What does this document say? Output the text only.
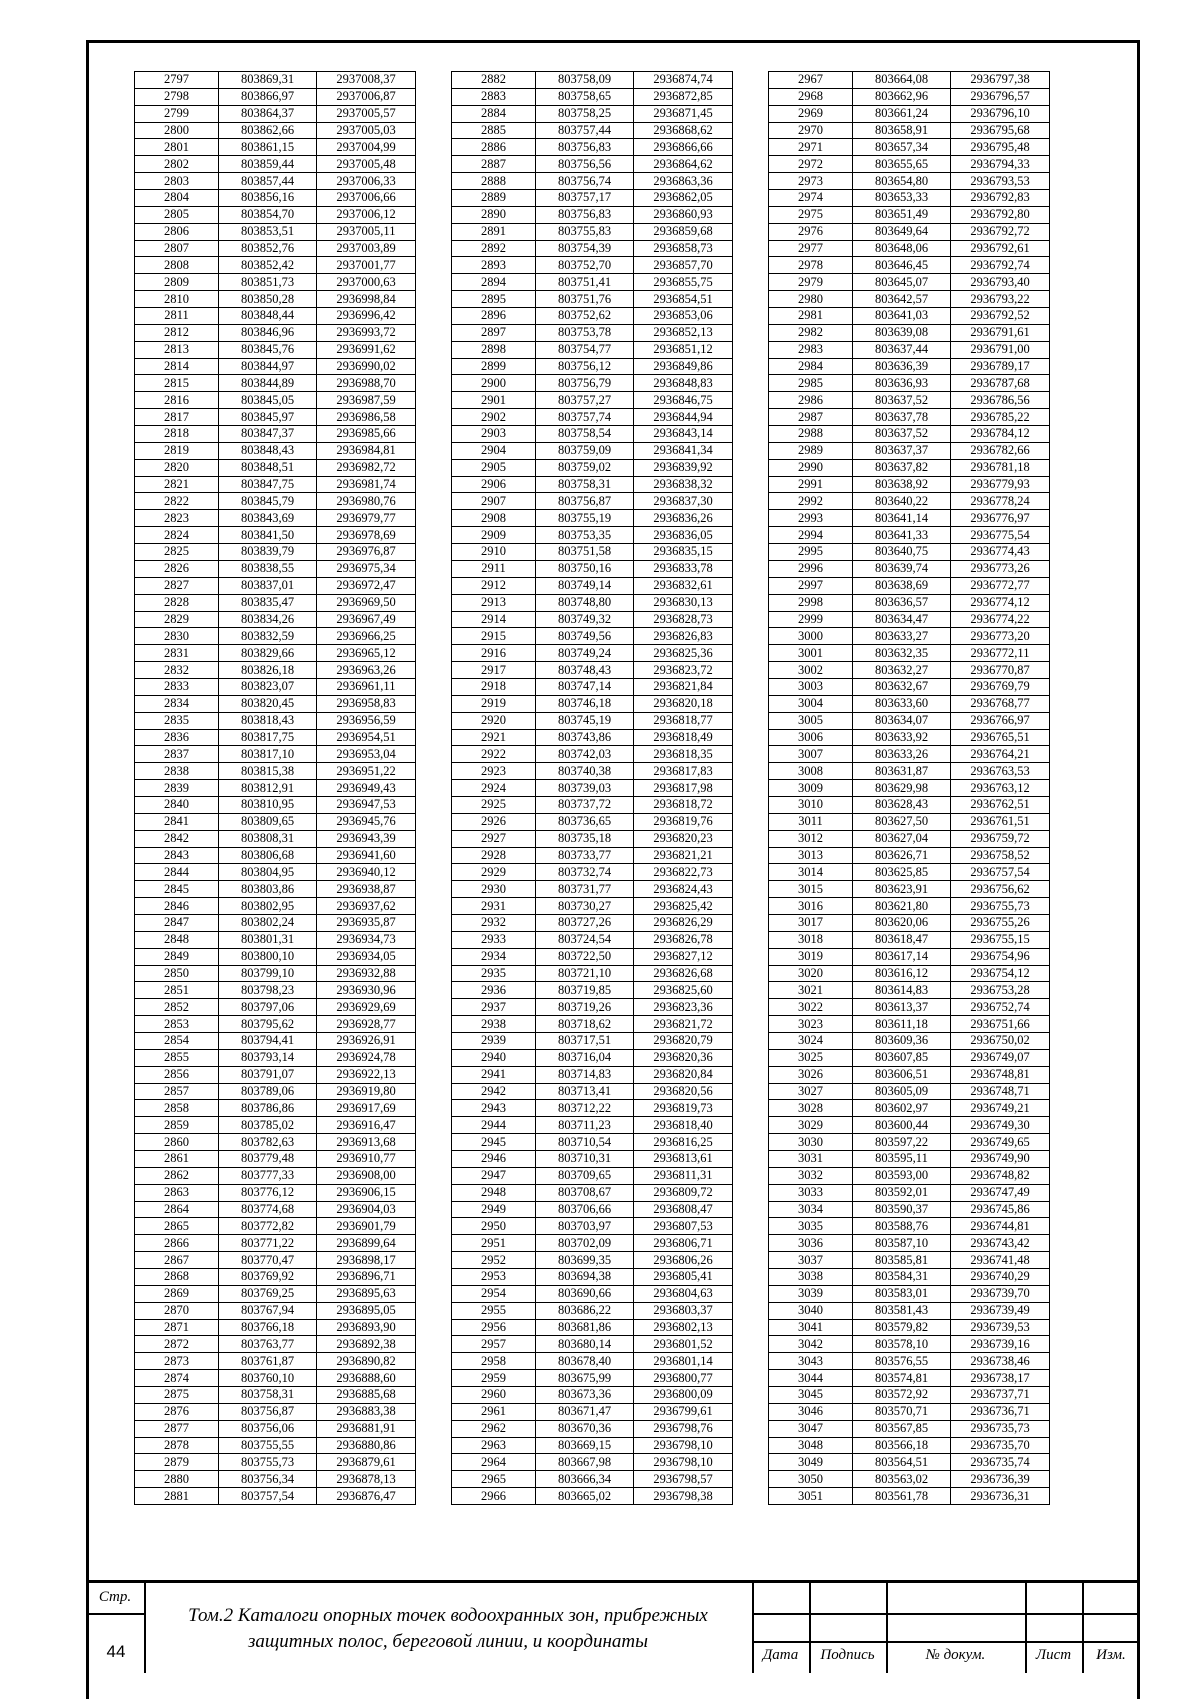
2797	803869,31	2937008,37
2798	803866,97	2937006,87
2799	803864,37	2937005,57
2800	803862,66	2937005,03
2801	803861,15	2937004,99
2802	803859,44	2937005,48
2803	803857,44	2937006,33
2804	803856,16	2937006,66
2805	803854,70	2937006,12
2806	803853,51	2937005,11
2807	803852,76	2937003,89
2808	803852,42	2937001,77
2809	803851,73	2937000,63
2810	803850,28	2936998,84
2811	803848,44	2936996,42
2812	803846,96	2936993,72
2813	803845,76	2936991,62
2814	803844,97	2936990,02
2815	803844,89	2936988,70
2816	803845,05	2936987,59
2817	803845,97	2936986,58
2818	803847,37	2936985,66
2819	803848,43	2936984,81
2820	803848,51	2936982,72
2821	803847,75	2936981,74
2822	803845,79	2936980,76
2823	803843,69	2936979,77
2824	803841,50	2936978,69
2825	803839,79	2936976,87
2826	803838,55	2936975,34
2827	803837,01	2936972,47
2828	803835,47	2936969,50
2829	803834,26	2936967,49
2830	803832,59	2936966,25
2831	803829,66	2936965,12
2832	803826,18	2936963,26
2833	803823,07	2936961,11
2834	803820,45	2936958,83
2835	803818,43	2936956,59
2836	803817,75	2936954,51
2837	803817,10	2936953,04
2838	803815,38	2936951,22
2839	803812,91	2936949,43
2840	803810,95	2936947,53
2841	803809,65	2936945,76
2842	803808,31	2936943,39
2843	803806,68	2936941,60
2844	803804,95	2936940,12
2845	803803,86	2936938,87
2846	803802,95	2936937,62
2847	803802,24	2936935,87
2848	803801,31	2936934,73
2849	803800,10	2936934,05
2850	803799,10	2936932,88
2851	803798,23	2936930,96
2852	803797,06	2936929,69
2853	803795,62	2936928,77
2854	803794,41	2936926,91
2855	803793,14	2936924,78
2856	803791,07	2936922,13
2857	803789,06	2936919,80
2858	803786,86	2936917,69
2859	803785,02	2936916,47
2860	803782,63	2936913,68
2861	803779,48	2936910,77
2862	803777,33	2936908,00
2863	803776,12	2936906,15
2864	803774,68	2936904,03
2865	803772,82	2936901,79
2866	803771,22	2936899,64
2867	803770,47	2936898,17
2868	803769,92	2936896,71
2869	803769,25	2936895,63
2870	803767,94	2936895,05
2871	803766,18	2936893,90
2872	803763,77	2936892,38
2873	803761,87	2936890,82
2874	803760,10	2936888,60
2875	803758,31	2936885,68
2876	803756,87	2936883,38
2877	803756,06	2936881,91
2878	803755,55	2936880,86
2879	803755,73	2936879,61
2880	803756,34	2936878,13
2881	803757,54	2936876,47
2882	803758,09	2936874,74
2883	803758,65	2936872,85
2884	803758,25	2936871,45
2885	803757,44	2936868,62
2886	803756,83	2936866,66
2887	803756,56	2936864,62
2888	803756,74	2936863,36
2889	803757,17	2936862,05
2890	803756,83	2936860,93
2891	803755,83	2936859,68
2892	803754,39	2936858,73
2893	803752,70	2936857,70
2894	803751,41	2936855,75
2895	803751,76	2936854,51
2896	803752,62	2936853,06
2897	803753,78	2936852,13
2898	803754,77	2936851,12
2899	803756,12	2936849,86
2900	803756,79	2936848,83
2901	803757,27	2936846,75
2902	803757,74	2936844,94
2903	803758,54	2936843,14
2904	803759,09	2936841,34
2905	803759,02	2936839,92
2906	803758,31	2936838,32
2907	803756,87	2936837,30
2908	803755,19	2936836,26
2909	803753,35	2936836,05
2910	803751,58	2936835,15
2911	803750,16	2936833,78
2912	803749,14	2936832,61
2913	803748,80	2936830,13
2914	803749,32	2936828,73
2915	803749,56	2936826,83
2916	803749,24	2936825,36
2917	803748,43	2936823,72
2918	803747,14	2936821,84
2919	803746,18	2936820,18
2920	803745,19	2936818,77
2921	803743,86	2936818,49
2922	803742,03	2936818,35
2923	803740,38	2936817,83
2924	803739,03	2936817,98
2925	803737,72	2936818,72
2926	803736,65	2936819,76
2927	803735,18	2936820,23
2928	803733,77	2936821,21
2929	803732,74	2936822,73
2930	803731,77	2936824,43
2931	803730,27	2936825,42
2932	803727,26	2936826,29
2933	803724,54	2936826,78
2934	803722,50	2936827,12
2935	803721,10	2936826,68
2936	803719,85	2936825,60
2937	803719,26	2936823,36
2938	803718,62	2936821,72
2939	803717,51	2936820,79
2940	803716,04	2936820,36
2941	803714,83	2936820,84
2942	803713,41	2936820,56
2943	803712,22	2936819,73
2944	803711,23	2936818,40
2945	803710,54	2936816,25
2946	803710,31	2936813,61
2947	803709,65	2936811,31
2948	803708,67	2936809,72
2949	803706,66	2936808,47
2950	803703,97	2936807,53
2951	803702,09	2936806,71
2952	803699,35	2936806,26
2953	803694,38	2936805,41
2954	803690,66	2936804,63
2955	803686,22	2936803,37
2956	803681,86	2936802,13
2957	803680,14	2936801,52
2958	803678,40	2936801,14
2959	803675,99	2936800,77
2960	803673,36	2936800,09
2961	803671,47	2936799,61
2962	803670,36	2936798,76
2963	803669,15	2936798,10
2964	803667,98	2936798,10
2965	803666,34	2936798,57
2966	803665,02	2936798,38
2967	803664,08	2936797,38
2968	803662,96	2936796,57
2969	803661,24	2936796,10
2970	803658,91	2936795,68
2971	803657,34	2936795,48
2972	803655,65	2936794,33
2973	803654,80	2936793,53
2974	803653,33	2936792,83
2975	803651,49	2936792,80
2976	803649,64	2936792,72
2977	803648,06	2936792,61
2978	803646,45	2936792,74
2979	803645,07	2936793,40
2980	803642,57	2936793,22
2981	803641,03	2936792,52
2982	803639,08	2936791,61
2983	803637,44	2936791,00
2984	803636,39	2936789,17
2985	803636,93	2936787,68
2986	803637,52	2936786,56
2987	803637,78	2936785,22
2988	803637,52	2936784,12
2989	803637,37	2936782,66
2990	803637,82	2936781,18
2991	803638,92	2936779,93
2992	803640,22	2936778,24
2993	803641,14	2936776,97
2994	803641,33	2936775,54
2995	803640,75	2936774,43
2996	803639,74	2936773,26
2997	803638,69	2936772,77
2998	803636,57	2936774,12
2999	803634,47	2936774,22
3000	803633,27	2936773,20
3001	803632,35	2936772,11
3002	803632,27	2936770,87
3003	803632,67	2936769,79
3004	803633,60	2936768,77
3005	803634,07	2936766,97
3006	803633,92	2936765,51
3007	803633,26	2936764,21
3008	803631,87	2936763,53
3009	803629,98	2936763,12
3010	803628,43	2936762,51
3011	803627,50	2936761,51
3012	803627,04	2936759,72
3013	803626,71	2936758,52
3014	803625,85	2936757,54
3015	803623,91	2936756,62
3016	803621,80	2936755,73
3017	803620,06	2936755,26
3018	803618,47	2936755,15
3019	803617,14	2936754,96
3020	803616,12	2936754,12
3021	803614,83	2936753,28
3022	803613,37	2936752,74
3023	803611,18	2936751,66
3024	803609,36	2936750,02
3025	803607,85	2936749,07
3026	803606,51	2936748,81
3027	803605,09	2936748,71
3028	803602,97	2936749,21
3029	803600,44	2936749,30
3030	803597,22	2936749,65
3031	803595,11	2936749,90
3032	803593,00	2936748,82
3033	803592,01	2936747,49
3034	803590,37	2936745,86
3035	803588,76	2936744,81
3036	803587,10	2936743,42
3037	803585,81	2936741,48
3038	803584,31	2936740,29
3039	803583,01	2936739,70
3040	803581,43	2936739,49
3041	803579,82	2936739,53
3042	803578,10	2936739,16
3043	803576,55	2936738,46
3044	803574,81	2936738,17
3045	803572,92	2936737,71
3046	803570,71	2936736,71
3047	803567,85	2936735,73
3048	803566,18	2936735,70
3049	803564,51	2936735,74
3050	803563,02	2936736,39
3051	803561,78	2936736,31
Стр.
44
Том.2 Каталоги опорных точек водоохранных зон, прибрежных
защитных полос, береговой линии, и координаты
Дата	Подпись	№ докум.	Лист	Изм.
